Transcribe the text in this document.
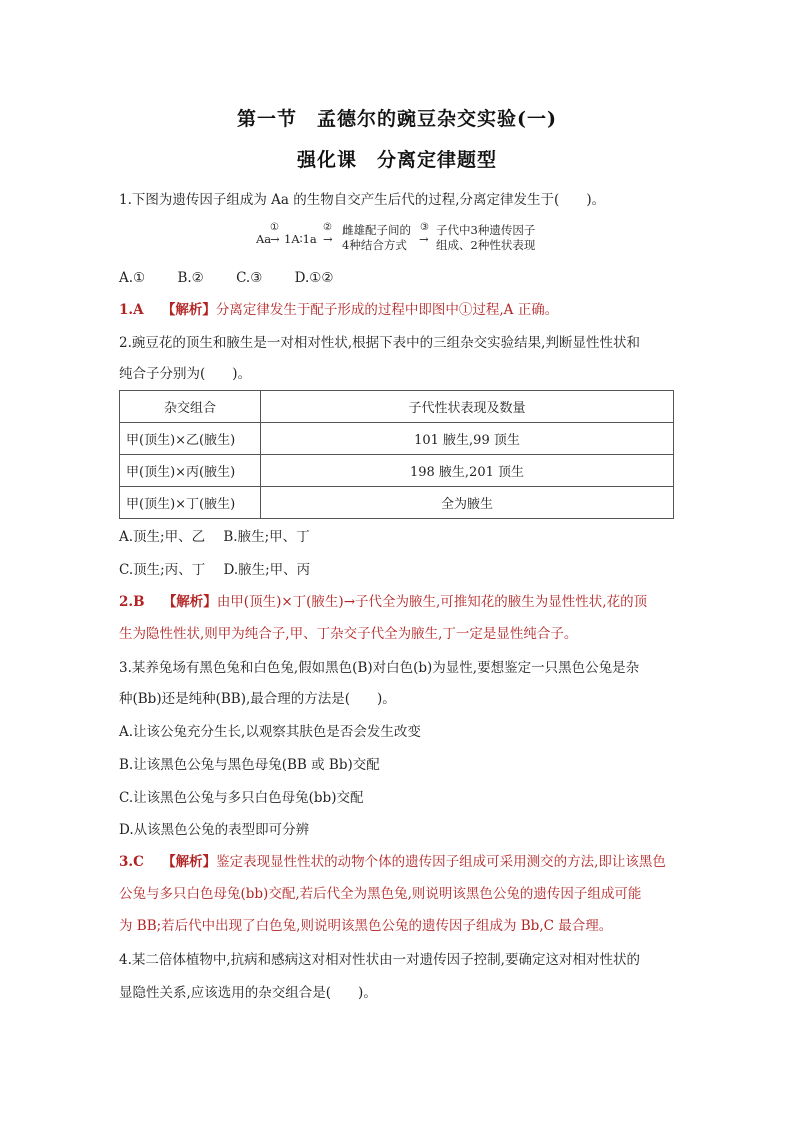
第一节　孟德尔的豌豆杂交实验(一)
强化课　分离定律题型
1.下图为遗传因子组成为 Aa 的生物自交产生后代的过程,分离定律发生于(　　)。
Aa
①
→ 1A∶1a
②
→
雌雄配子间的
4种结合方式
③
→
子代中3种遗传因子
组成、2种性状表现
A.① B.② C.③ D.①②
1.A 【解析】分离定律发生于配子形成的过程中即图中①过程,A 正确。
2.豌豆花的顶生和腋生是一对相对性状,根据下表中的三组杂交实验结果,判断显性性状和
纯合子分别为(　　)。
杂交组合	子代性状表现及数量
甲(顶生)×乙(腋生)	101 腋生,99 顶生
甲(顶生)×丙(腋生)	198 腋生,201 顶生
甲(顶生)×丁(腋生)	全为腋生
A.顶生;甲、乙 B.腋生;甲、丁
C.顶生;丙、丁 D.腋生;甲、丙
2.B 【解析】由甲(顶生)×丁(腋生)→子代全为腋生,可推知花的腋生为显性性状,花的顶
生为隐性性状,则甲为纯合子,甲、丁杂交子代全为腋生,丁一定是显性纯合子。
3.某养兔场有黑色兔和白色兔,假如黑色(B)对白色(b)为显性,要想鉴定一只黑色公兔是杂
种(Bb)还是纯种(BB),最合理的方法是(　　)。
A.让该公兔充分生长,以观察其肤色是否会发生改变
B.让该黑色公兔与黑色母兔(BB 或 Bb)交配
C.让该黑色公兔与多只白色母兔(bb)交配
D.从该黑色公兔的表型即可分辨
3.C 【解析】鉴定表现显性性状的动物个体的遗传因子组成可采用测交的方法,即让该黑色
公兔与多只白色母兔(bb)交配,若后代全为黑色兔,则说明该黑色公兔的遗传因子组成可能
为 BB;若后代中出现了白色兔,则说明该黑色公兔的遗传因子组成为 Bb,C 最合理。
4.某二倍体植物中,抗病和感病这对相对性状由一对遗传因子控制,要确定这对相对性状的
显隐性关系,应该选用的杂交组合是(　　)。
